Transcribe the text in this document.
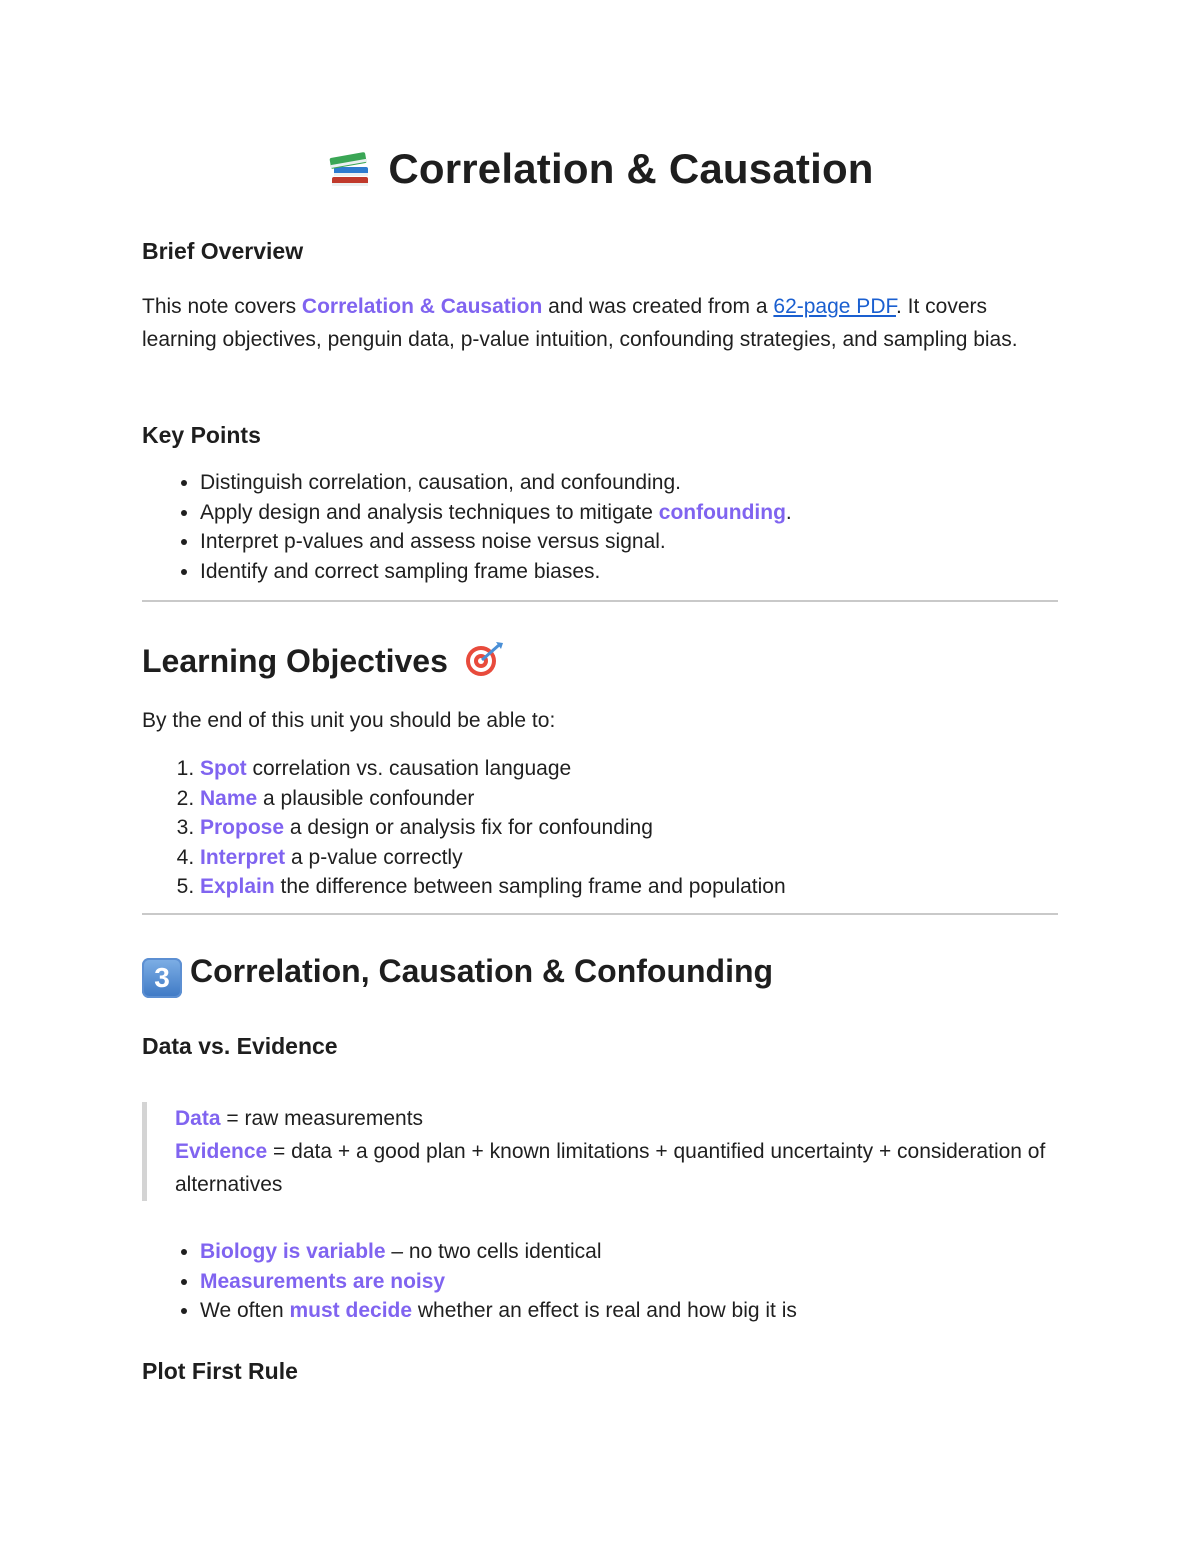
Correlation & Causation
Brief Overview

This note covers Correlation & Causation and was created from a 62-page PDF. It covers learning objectives, penguin data, p-value intuition, confounding strategies, and sampling bias.

Key Points
• Distinguish correlation, causation, and confounding.
• Apply design and analysis techniques to mitigate confounding.
• Interpret p-values and assess noise versus signal.
• Identify and correct sampling frame biases.
Learning Objectives

By the end of this unit you should be able to:

1. Spot correlation vs. causation language
2. Name a plausible confounder
3. Propose a design or analysis fix for confounding
4. Interpret a p-value correctly
5. Explain the difference between sampling frame and population
3 Correlation, Causation & Confounding
Data vs. Evidence
Data = raw measurements
Evidence = data + a good plan + known limitations + quantified uncertainty + consideration of alternatives
• Biology is variable – no two cells identical
• Measurements are noisy
• We often must decide whether an effect is real and how big it is
Plot First Rule
